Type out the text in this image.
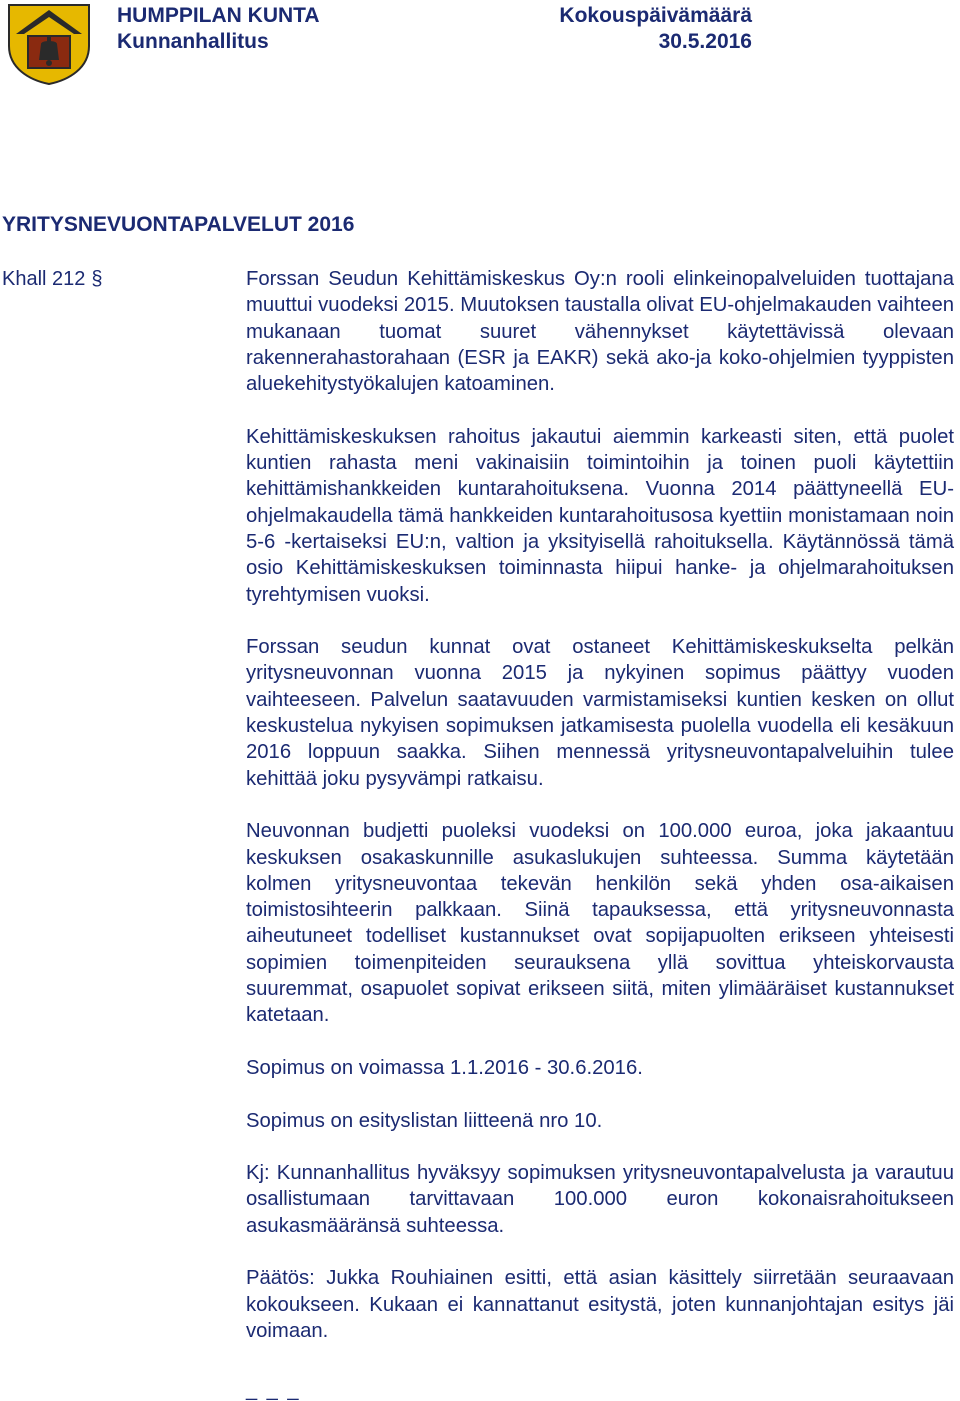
HUMPPILAN KUNTA
Kunnanhallitus
Kokouspäivämäärä
30.5.2016
YRITYSNEVUONTAPALVELUT 2016
Khall 212 §	Forssan Seudun Kehittämiskeskus Oy:n rooli elinkeinopalveluiden tuottajana muuttui vuodeksi 2015. Muutoksen taustalla olivat EU-ohjelmakauden vaihteen mukanaan tuomat suuret vähennykset käytettävissä olevaan rakennerahastorahaan (ESR ja EAKR) sekä ako-ja koko-ohjelmien tyyppisten aluekehitystyökalujen katoaminen.

Kehittämiskeskuksen rahoitus jakautui aiemmin karkeasti siten, että puolet kuntien rahasta meni vakinaisiin toimintoihin ja toinen puoli käytettiin kehittämishankkeiden kuntarahoituksena. Vuonna 2014 päättyneellä EU-ohjelmakaudella tämä hankkeiden kuntarahoitusosa kyettiin monistamaan noin 5-6 -kertaiseksi EU:n, valtion ja yksityisellä rahoituksella. Käytännössä tämä osio Kehittämiskeskuksen toiminnasta hiipui hanke- ja ohjelmarahoituksen tyrehtymisen vuoksi.

Forssan seudun kunnat ovat ostaneet Kehittämiskeskukselta pelkän yritysneuvonnan vuonna 2015 ja nykyinen sopimus päättyy vuoden vaihteeseen. Palvelun saatavuuden varmistamiseksi kuntien kesken on ollut keskustelua nykyisen sopimuksen jatkamisesta puolella vuodella eli kesäkuun 2016 loppuun saakka. Siihen mennessä yritysneuvontapalveluihin tulee kehittää joku pysyvämpi ratkaisu.

Neuvonnan budjetti puoleksi vuodeksi on 100.000 euroa, joka jakaantuu keskuksen osakaskunnille asukaslukujen suhteessa. Summa käytetään kolmen yritysneuvontaa tekevän henkilön sekä yhden osa-aikaisen toimistosihteerin palkkaan. Siinä tapauksessa, että yritysneuvonnasta aiheutuneet todelliset kustannukset ovat sopijapuolten erikseen yhteisesti sopimien toimenpiteiden seurauksena yllä sovittua yhteiskorvausta suuremmat, osapuolet sopivat erikseen siitä, miten ylimääräiset kustannukset katetaan.

Sopimus on voimassa 1.1.2016 - 30.6.2016.

Sopimus on esityslistan liitteenä nro 10.

Kj: Kunnanhallitus hyväksyy sopimuksen yritysneuvontapalvelusta ja varautuu osallistumaan tarvittavaan 100.000 euron kokonaisrahoitukseen asukasmääränsä suhteessa.

Päätös: Jukka Rouhiainen esitti, että asian käsittely siirretään seuraavaan kokoukseen. Kukaan ei kannattanut esitystä, joten kunnanjohtajan esitys jäi voimaan.

_ _ _
